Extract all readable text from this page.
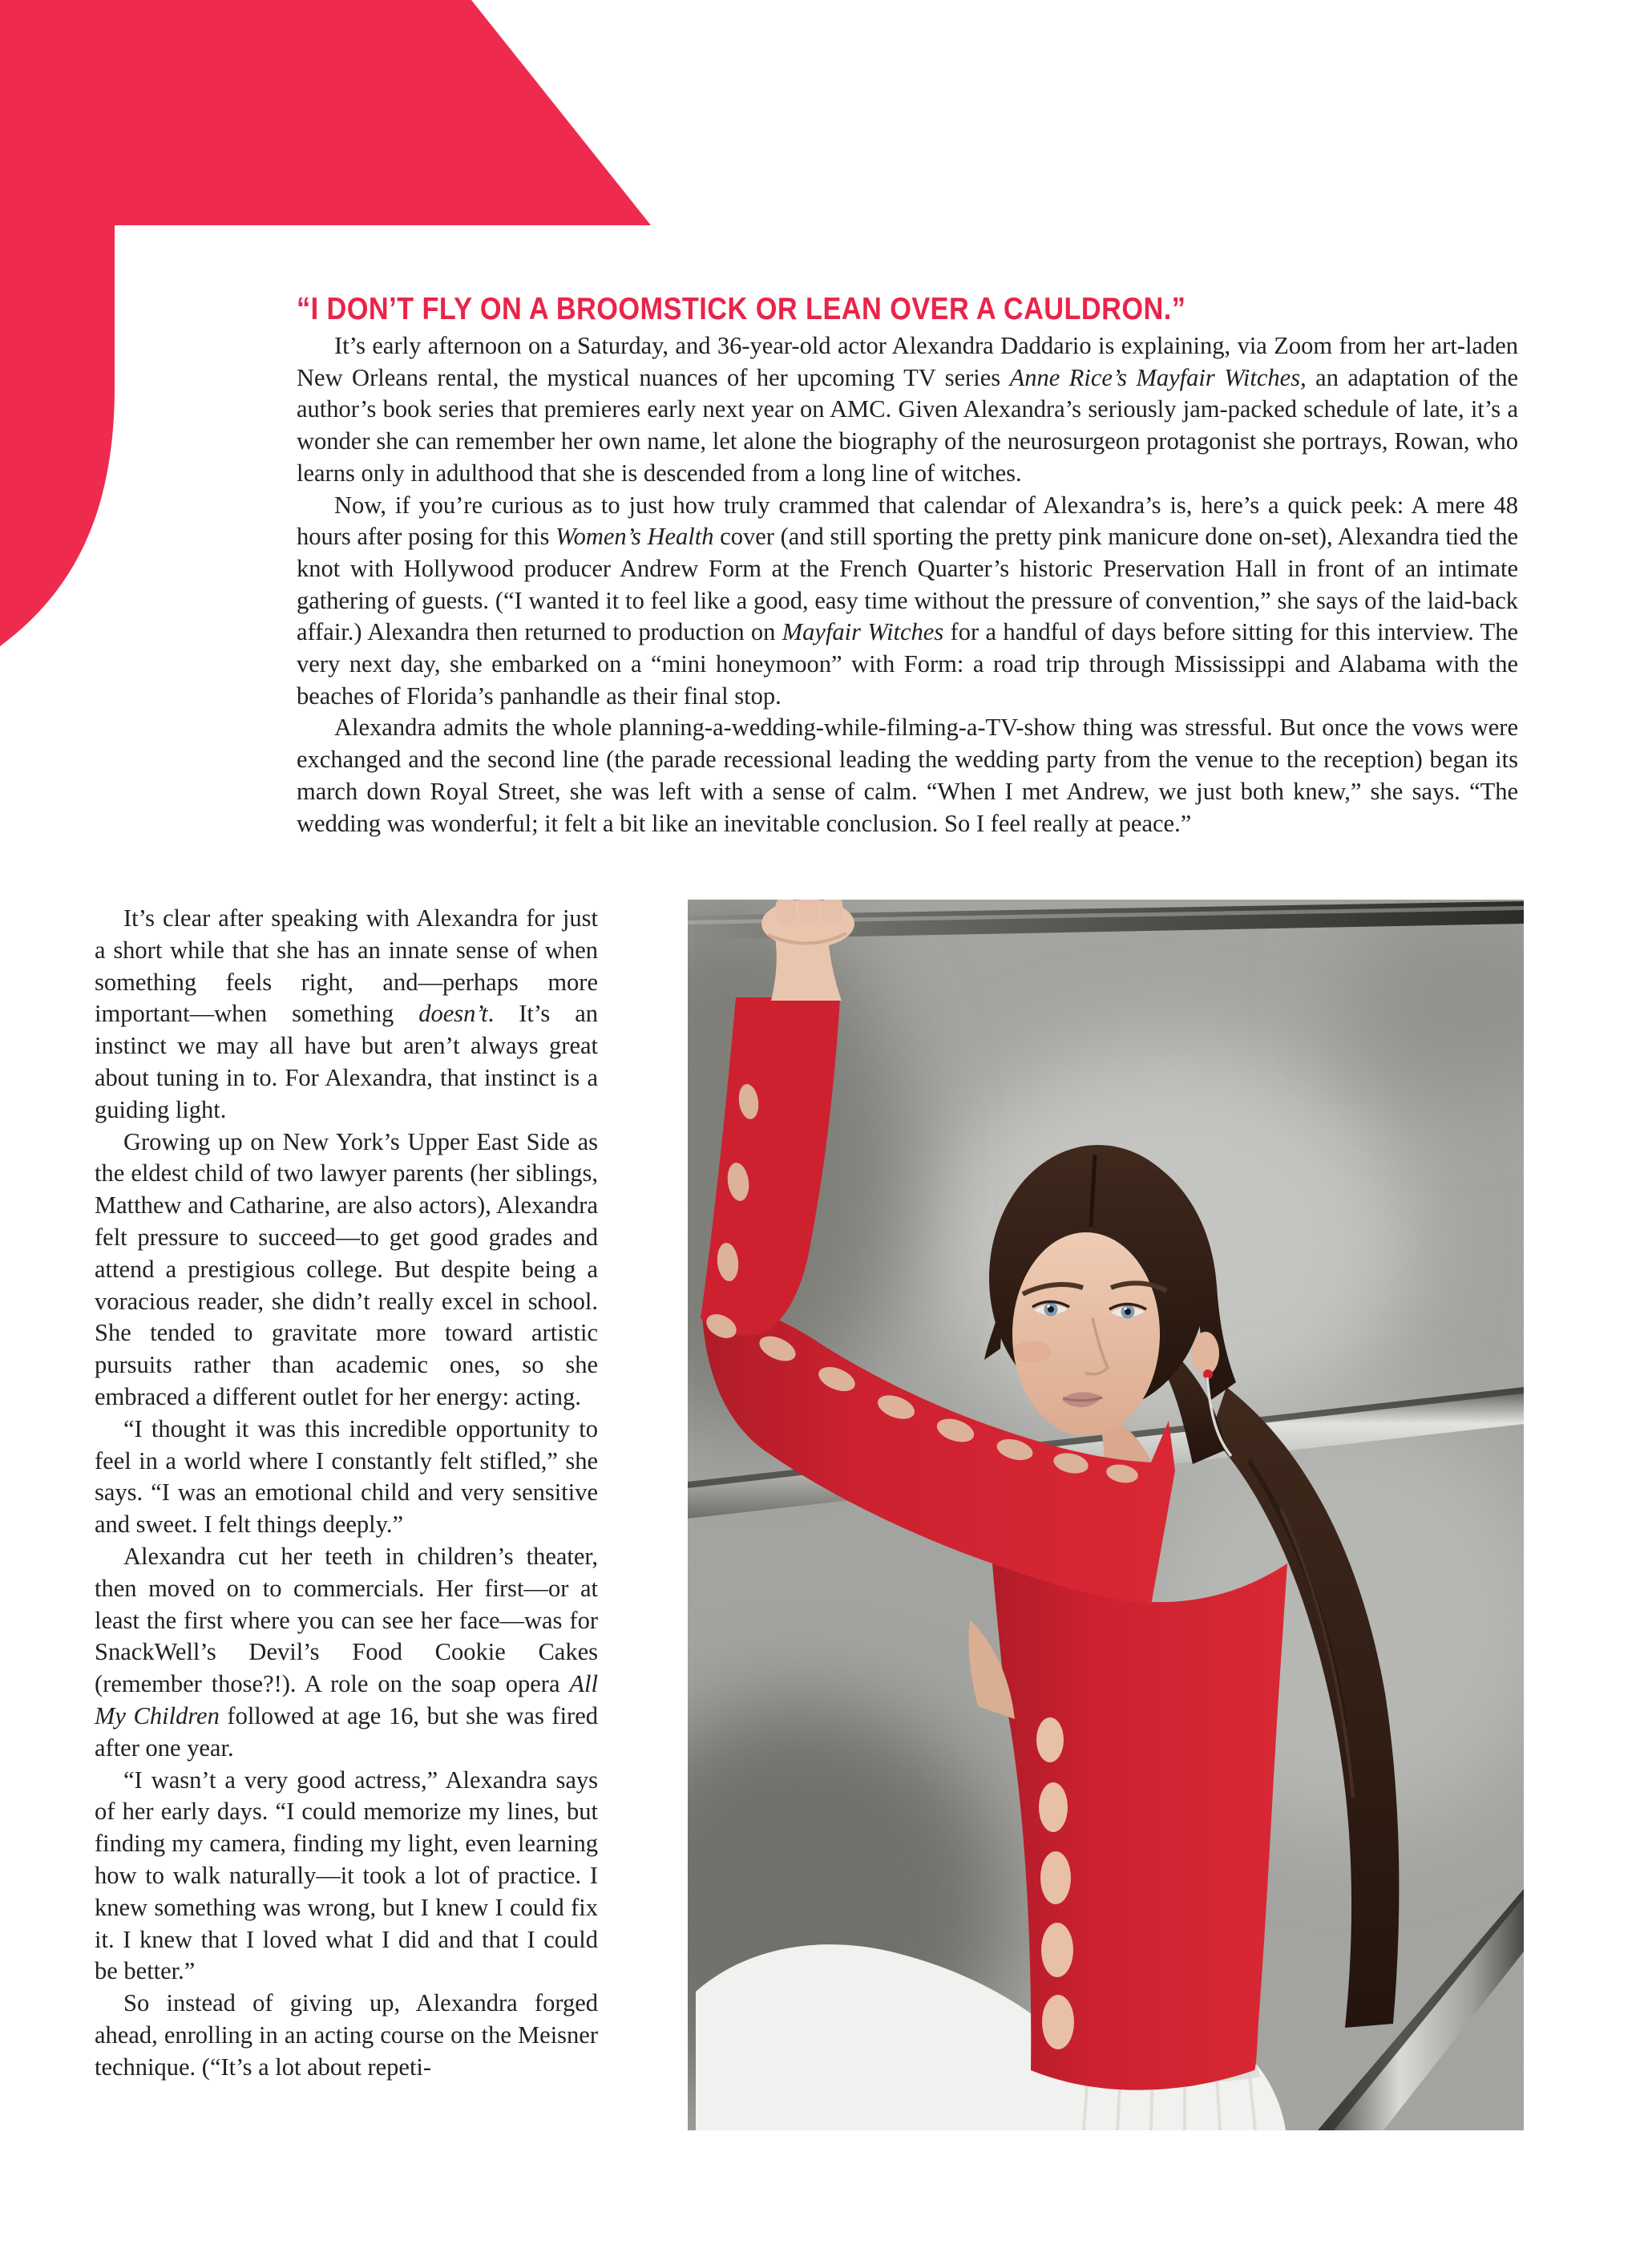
“I DON’T FLY ON A BROOMSTICK OR LEAN OVER A CAULDRON.”

It’s early afternoon on a Saturday, and 36-year-old actor Alexandra Daddario is explaining, via Zoom from her art-laden New Orleans rental, the mystical nuances of her upcoming TV series Anne Rice’s Mayfair Witches, an adaptation of the author’s book series that premieres early next year on AMC. Given Alexandra’s seriously jam-packed schedule of late, it’s a wonder she can remember her own name, let alone the biography of the neurosurgeon protagonist she portrays, Rowan, who learns only in adulthood that she is descended from a long line of witches.

Now, if you’re curious as to just how truly crammed that calendar of Alexandra’s is, here’s a quick peek: A mere 48 hours after posing for this Women’s Health cover (and still sporting the pretty pink manicure done on-set), Alexandra tied the knot with Hollywood producer Andrew Form at the French Quarter’s historic Preservation Hall in front of an intimate gathering of guests. (“I wanted it to feel like a good, easy time without the pressure of convention,” she says of the laid-back affair.) Alexandra then returned to production on Mayfair Witches for a handful of days before sitting for this interview. The very next day, she embarked on a “mini honeymoon” with Form: a road trip through Mississippi and Alabama with the beaches of Florida’s panhandle as their final stop.

Alexandra admits the whole planning-a-wedding-while-filming-a-TV-show thing was stressful. But once the vows were exchanged and the second line (the parade recessional leading the wedding party from the venue to the reception) began its march down Royal Street, she was left with a sense of calm. “When I met Andrew, we just both knew,” she says. “The wedding was wonderful; it felt a bit like an inevitable conclusion. So I feel really at peace.”

It’s clear after speaking with Alexandra for just a short while that she has an innate sense of when something feels right, and—perhaps more important—when something doesn’t. It’s an instinct we may all have but aren’t always great about tuning in to. For Alexandra, that instinct is a guiding light.

Growing up on New York’s Upper East Side as the eldest child of two lawyer parents (her siblings, Matthew and Catharine, are also actors), Alexandra felt pressure to succeed—to get good grades and attend a prestigious college. But despite being a voracious reader, she didn’t really excel in school. She tended to gravitate more toward artistic pursuits rather than academic ones, so she embraced a different outlet for her energy: acting.

“I thought it was this incredible opportunity to feel in a world where I constantly felt stifled,” she says. “I was an emotional child and very sensitive and sweet. I felt things deeply.”

Alexandra cut her teeth in children’s theater, then moved on to commercials. Her first—or at least the first where you can see her face—was for SnackWell’s Devil’s Food Cookie Cakes (remember those?!). A role on the soap opera All My Children followed at age 16, but she was fired after one year.

“I wasn’t a very good actress,” Alexandra says of her early days. “I could memorize my lines, but finding my camera, finding my light, even learning how to walk naturally—it took a lot of practice. I knew something was wrong, but I knew I could fix it. I knew that I loved what I did and that I could be better.”

So instead of giving up, Alexandra forged ahead, enrolling in an acting course on the Meisner technique. (“It’s a lot about repeti-
